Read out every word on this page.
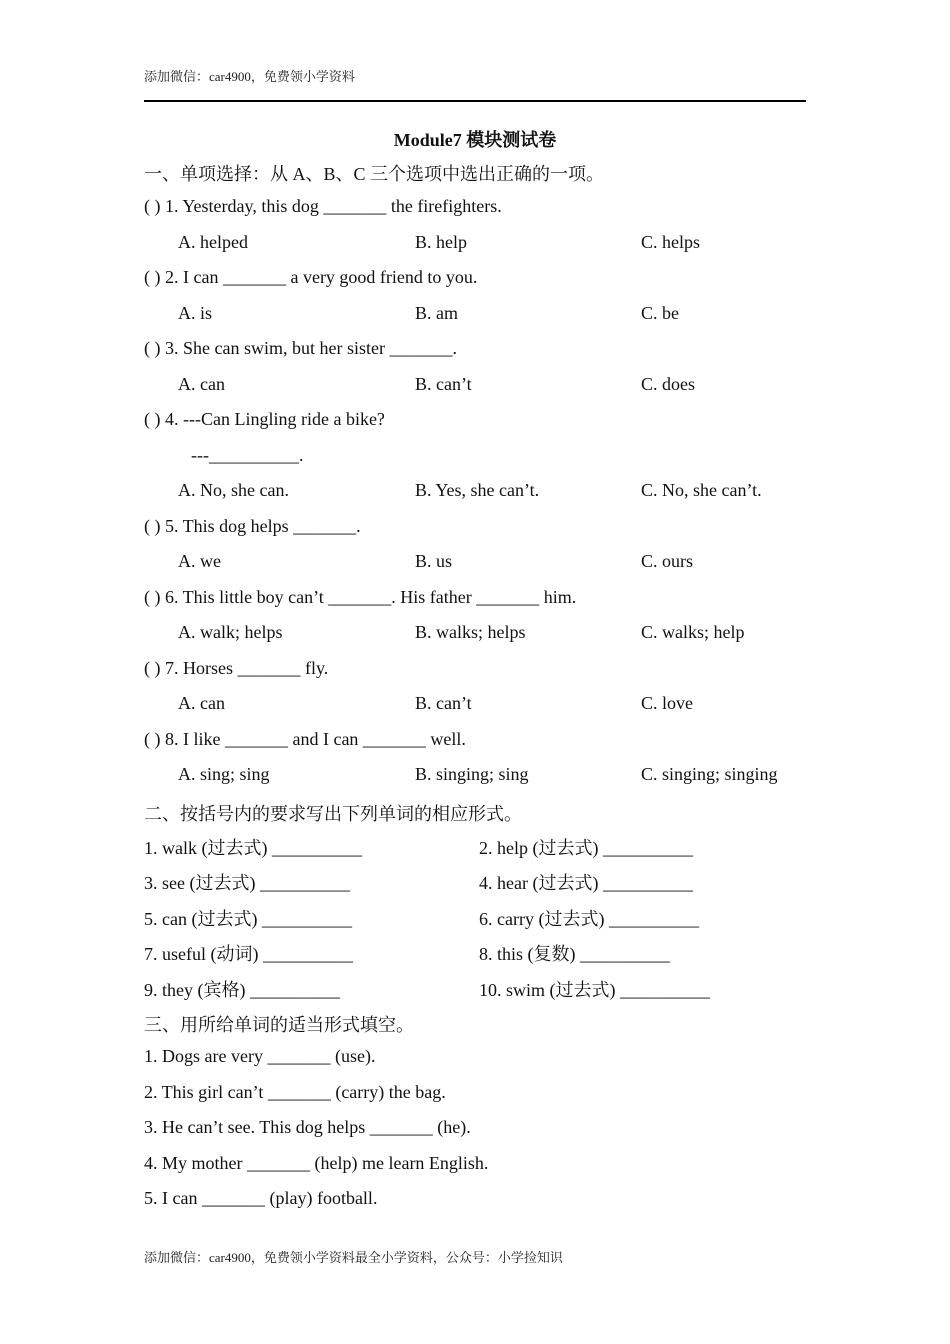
添加微信：car4900，免费领小学资料
Module7 模块测试卷
一、单项选择：从 A、B、C 三个选项中选出正确的一项。
( ) 1. Yesterday, this dog _______ the firefighters.
A. helped	B. help	C. helps
( ) 2. I can _______ a very good friend to you.
A. is	B. am	C. be
( ) 3. She can swim, but her sister _______.
A. can	B. can’t	C. does
( ) 4. ---Can Lingling ride a bike?
---__________.
A. No, she can.	B. Yes, she can’t.	C. No, she can’t.
( ) 5. This dog helps _______.
A. we	B. us	C. ours
( ) 6. This little boy can’t _______. His father _______ him.
A. walk; helps	B. walks; helps	C. walks; help
( ) 7. Horses _______ fly.
A. can	B. can’t	C. love
( ) 8. I like _______ and I can _______ well.
A. sing; sing	B. singing; sing	C. singing; singing
二、按括号内的要求写出下列单词的相应形式。
1. walk (过去式) __________	2. help (过去式) __________
3. see (过去式) __________	4. hear (过去式) __________
5. can (过去式) __________	6. carry (过去式) __________
7. useful (动词) __________	8. this (复数) __________
9. they (宾格) __________	10. swim (过去式) __________
三、用所给单词的适当形式填空。
1. Dogs are very _______ (use).
2. This girl can’t _______ (carry) the bag.
3. He can’t see. This dog helps _______ (he).
4. My mother _______ (help) me learn English.
5. I can _______ (play) football.
添加微信：car4900，免费领小学资料最全小学资料，公众号：小学捡知识
